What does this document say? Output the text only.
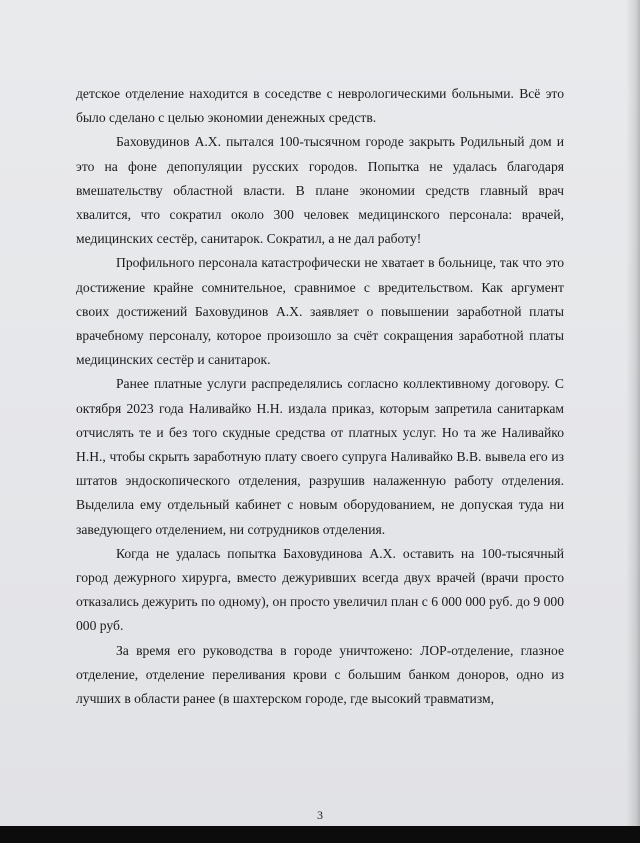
детское отделение находится в соседстве с неврологическими больными. Всё это было сделано с целью экономии денежных средств.

Баховудинов А.Х. пытался 100-тысячном городе закрыть Родильный дом и это на фоне депопуляции русских городов. Попытка не удалась благодаря вмешательству областной власти. В плане экономии средств главный врач хвалится, что сократил около 300 человек медицинского персонала: врачей, медицинских сестёр, санитарок. Сократил, а не дал работу!

Профильного персонала катастрофически не хватает в больнице, так что это достижение крайне сомнительное, сравнимое с вредительством. Как аргумент своих достижений Баховудинов А.Х. заявляет о повышении заработной платы врачебному персоналу, которое произошло за счёт сокращения заработной платы медицинских сестёр и санитарок.

Ранее платные услуги распределялись согласно коллективному договору. С октября 2023 года Наливайко Н.Н. издала приказ, которым запретила санитаркам отчислять те и без того скудные средства от платных услуг. Но та же Наливайко Н.Н., чтобы скрыть заработную плату своего супруга Наливайко В.В. вывела его из штатов эндоскопического отделения, разрушив налаженную работу отделения. Выделила ему отдельный кабинет с новым оборудованием, не допуская туда ни заведующего отделением, ни сотрудников отделения.

Когда не удалась попытка Баховудинова А.Х. оставить на 100-тысячный город дежурного хирурга, вместо дежуривших всегда двух врачей (врачи просто отказались дежурить по одному), он просто увеличил план с 6 000 000 руб. до 9 000 000 руб.

За время его руководства в городе уничтожено: ЛОР-отделение, глазное отделение, отделение переливания крови с большим банком доноров, одно из лучших в области ранее (в шахтерском городе, где высокий травматизм,

3
